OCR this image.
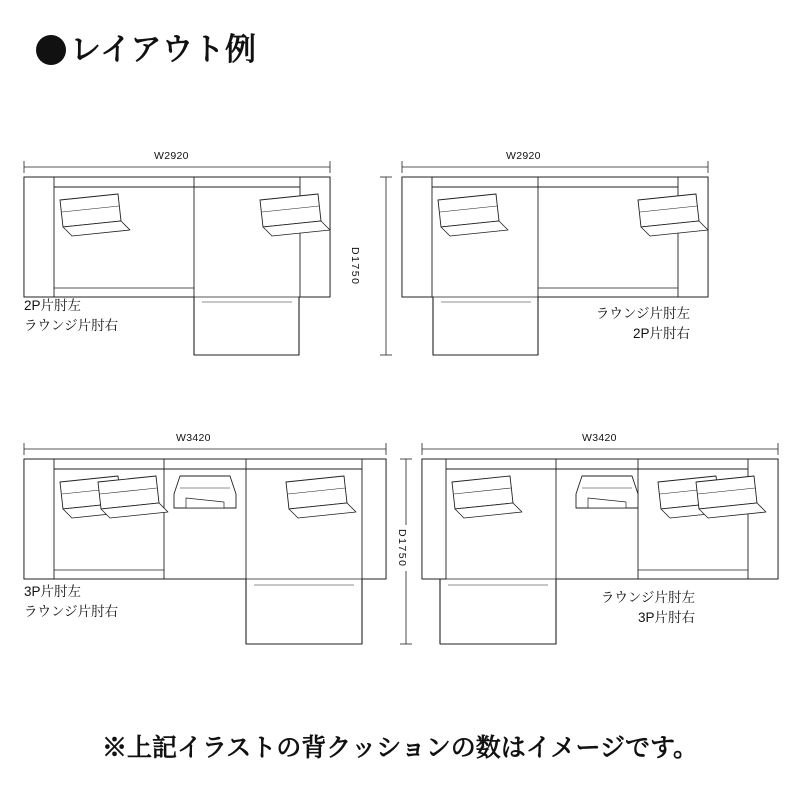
レイアウト例
W2920
2P片肘左
ラウンジ片肘右
W2920
D1750
ラウンジ片肘左
2P片肘右
W3420
3P片肘左
ラウンジ片肘右
W3420
D1750
ラウンジ片肘左
3P片肘右
※上記イラストの背クッションの数はイメージです。
